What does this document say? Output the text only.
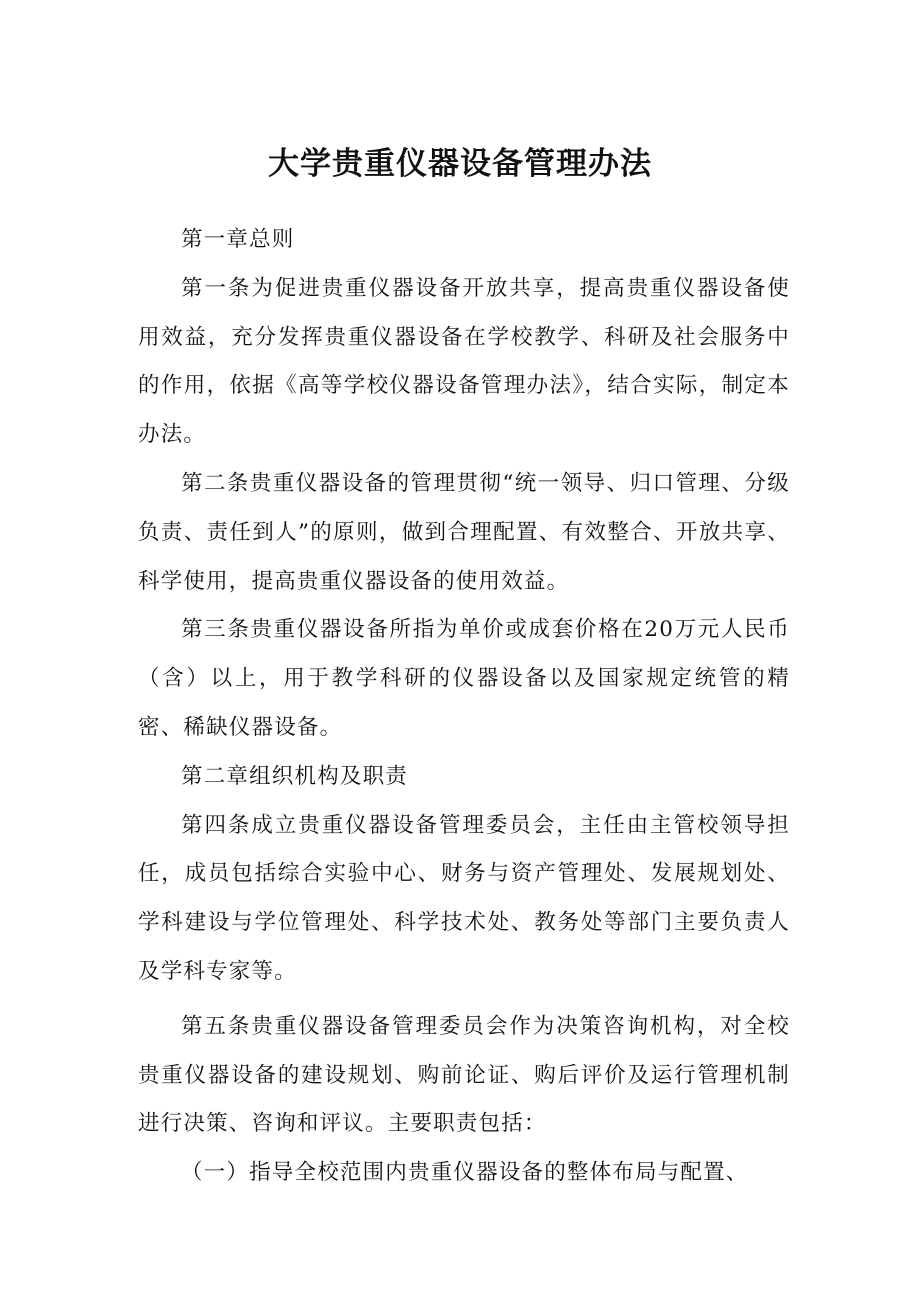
大学贵重仪器设备管理办法

第一章总则

第一条为促进贵重仪器设备开放共享，提高贵重仪器设备使用效益，充分发挥贵重仪器设备在学校教学、科研及社会服务中的作用，依据《高等学校仪器设备管理办法》，结合实际，制定本办法。

第二条贵重仪器设备的管理贯彻“统一领导、归口管理、分级负责、责任到人”的原则，做到合理配置、有效整合、开放共享、科学使用，提高贵重仪器设备的使用效益。

第三条贵重仪器设备所指为单价或成套价格在20万元人民币（含）以上，用于教学科研的仪器设备以及国家规定统管的精密、稀缺仪器设备。

第二章组织机构及职责

第四条成立贵重仪器设备管理委员会，主任由主管校领导担任，成员包括综合实验中心、财务与资产管理处、发展规划处、学科建设与学位管理处、科学技术处、教务处等部门主要负责人及学科专家等。

第五条贵重仪器设备管理委员会作为决策咨询机构，对全校贵重仪器设备的建设规划、购前论证、购后评价及运行管理机制进行决策、咨询和评议。主要职责包括：

（一）指导全校范围内贵重仪器设备的整体布局与配置、
